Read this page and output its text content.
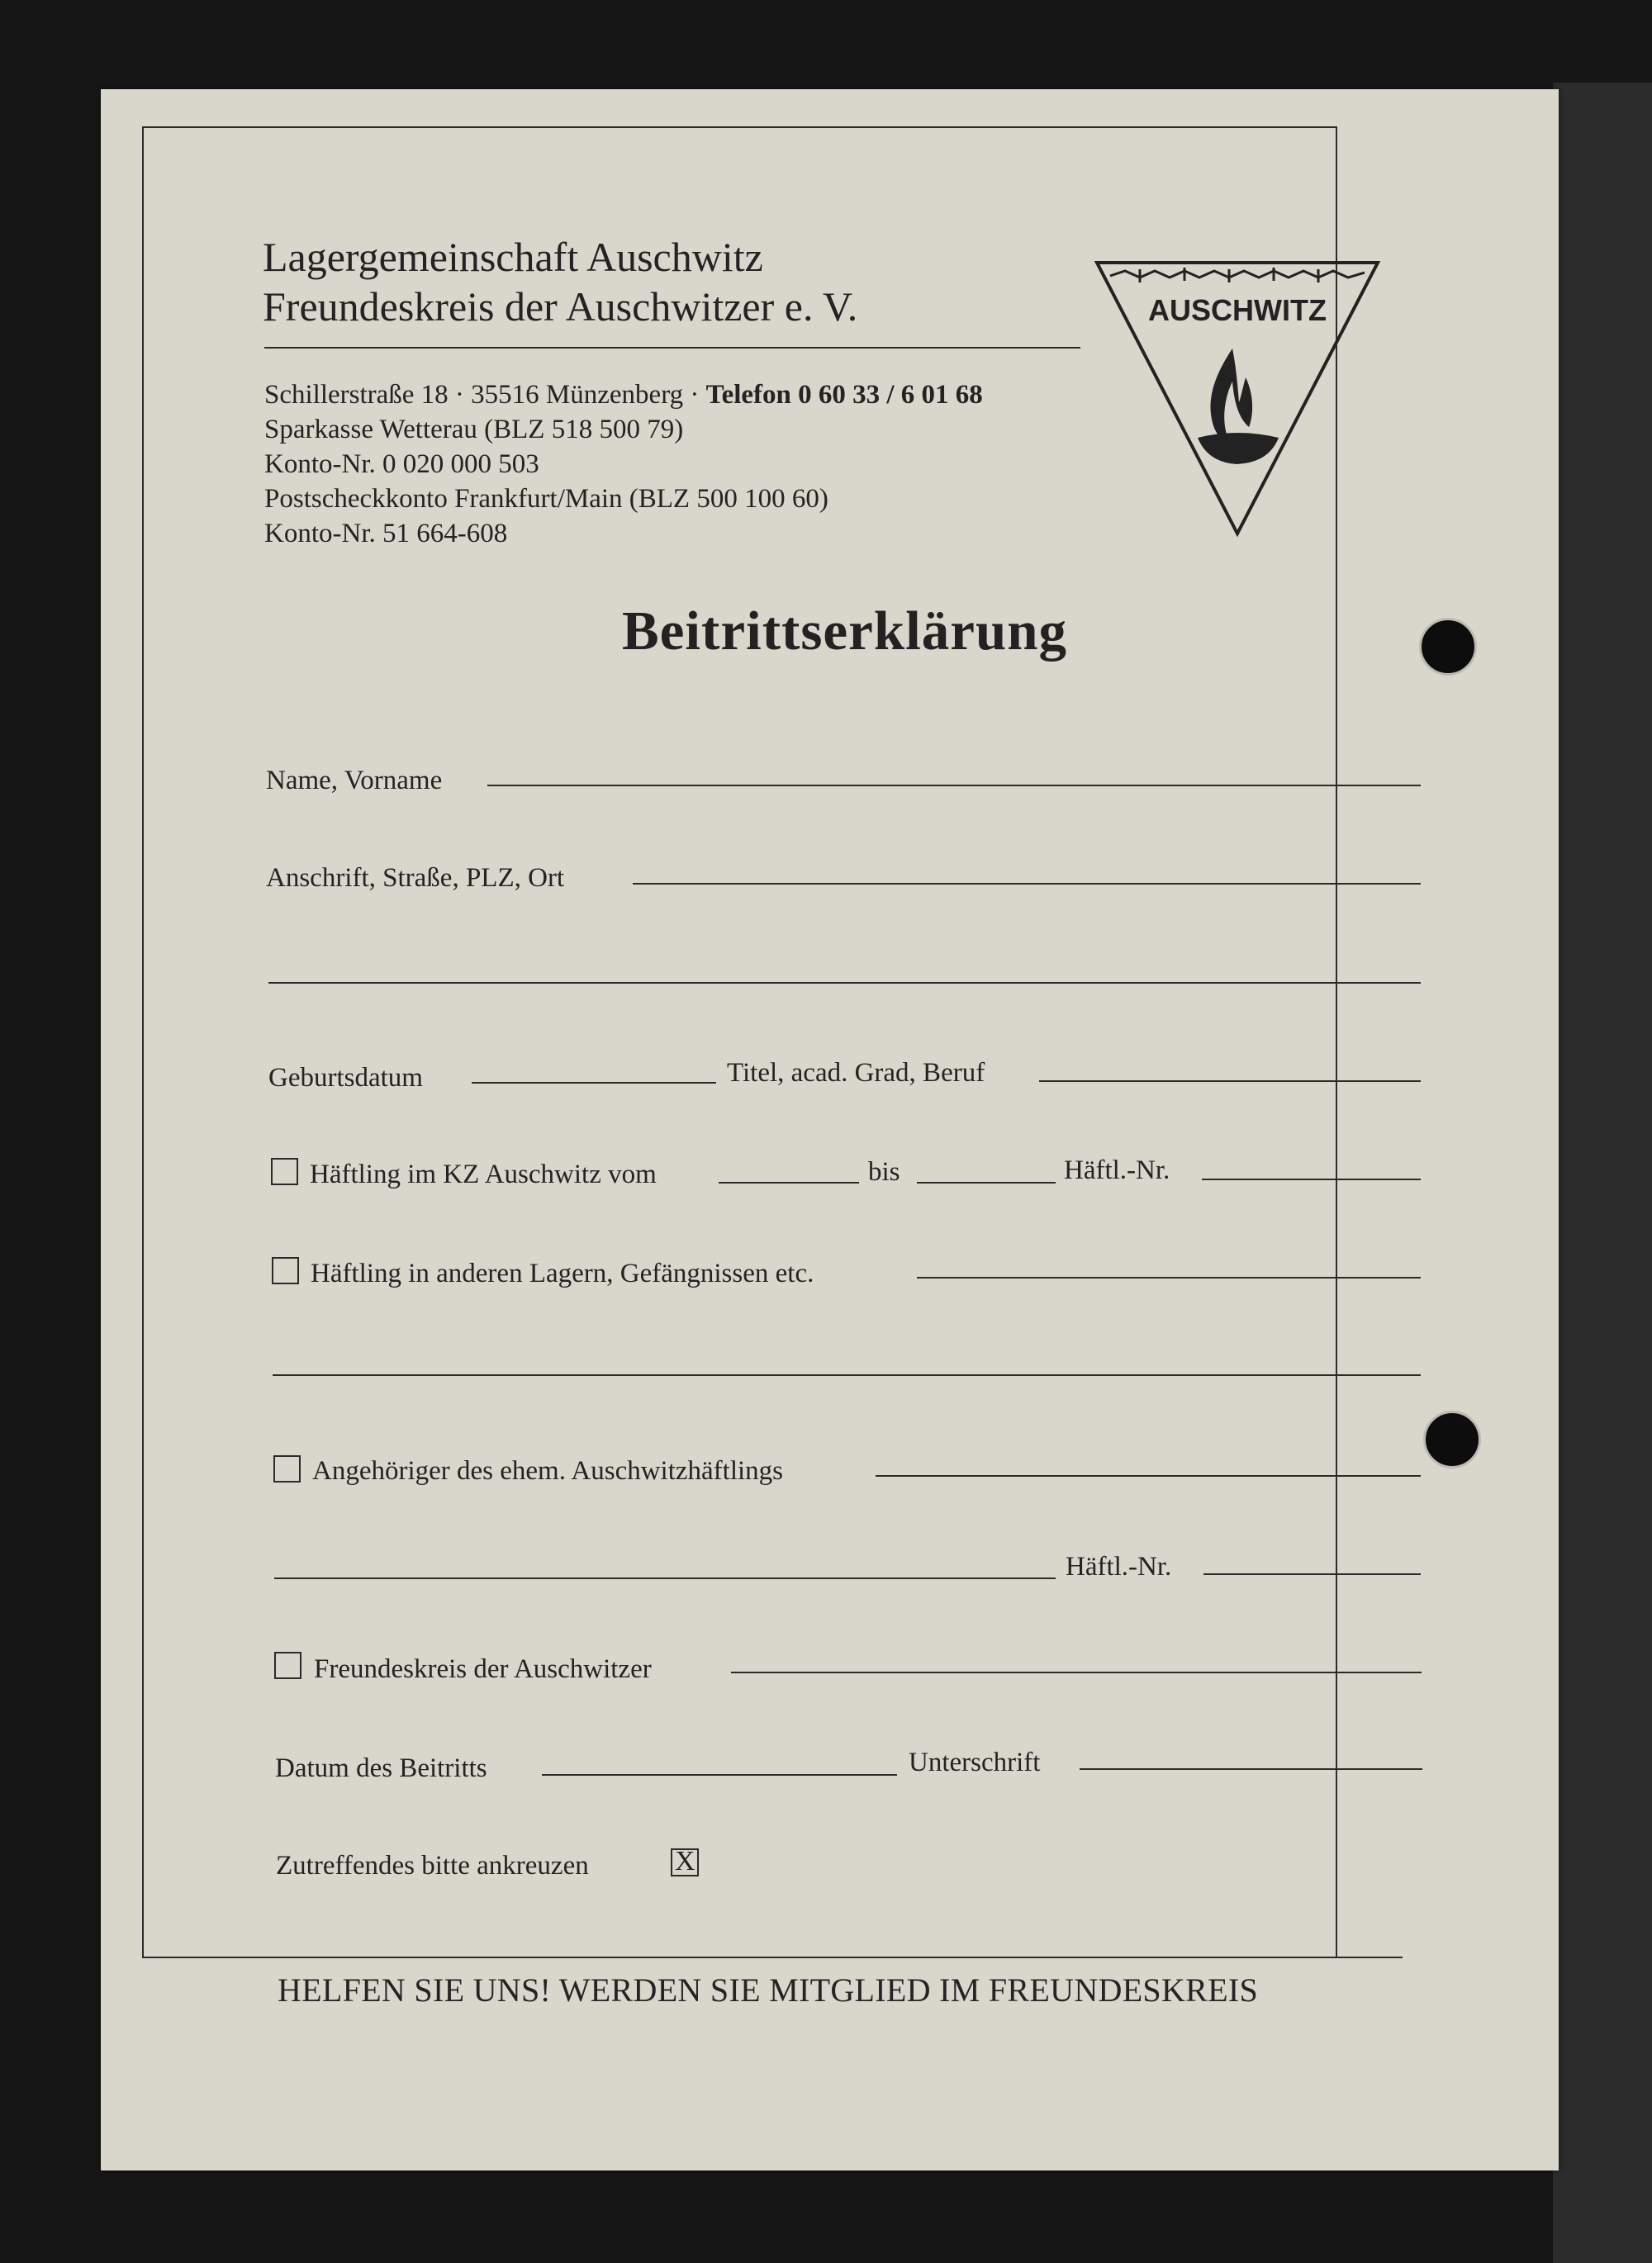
Lagergemeinschaft Auschwitz
Freundeskreis der Auschwitzer e. V.
Schillerstraße 18 · 35516 Münzenberg · Telefon 0 60 33 / 6 01 68
Sparkasse Wetterau (BLZ 518 500 79)
Konto-Nr. 0 020 000 503
Postscheckkonto Frankfurt/Main (BLZ 500 100 60)
Konto-Nr. 51 664-608
AUSCHWITZ
Beitrittserklärung
Name, Vorname
Anschrift, Straße, PLZ, Ort
Geburtsdatum	Titel, acad. Grad, Beruf
Häftling im KZ Auschwitz vom	bis	Häftl.-Nr.
Häftling in anderen Lagern, Gefängnissen etc.
Angehöriger des ehem. Auschwitzhäftlings
Häftl.-Nr.
Freundeskreis der Auschwitzer
Datum des Beitritts	Unterschrift
Zutreffendes bitte ankreuzen	X
HELFEN SIE UNS! WERDEN SIE MITGLIED IM FREUNDESKREIS
